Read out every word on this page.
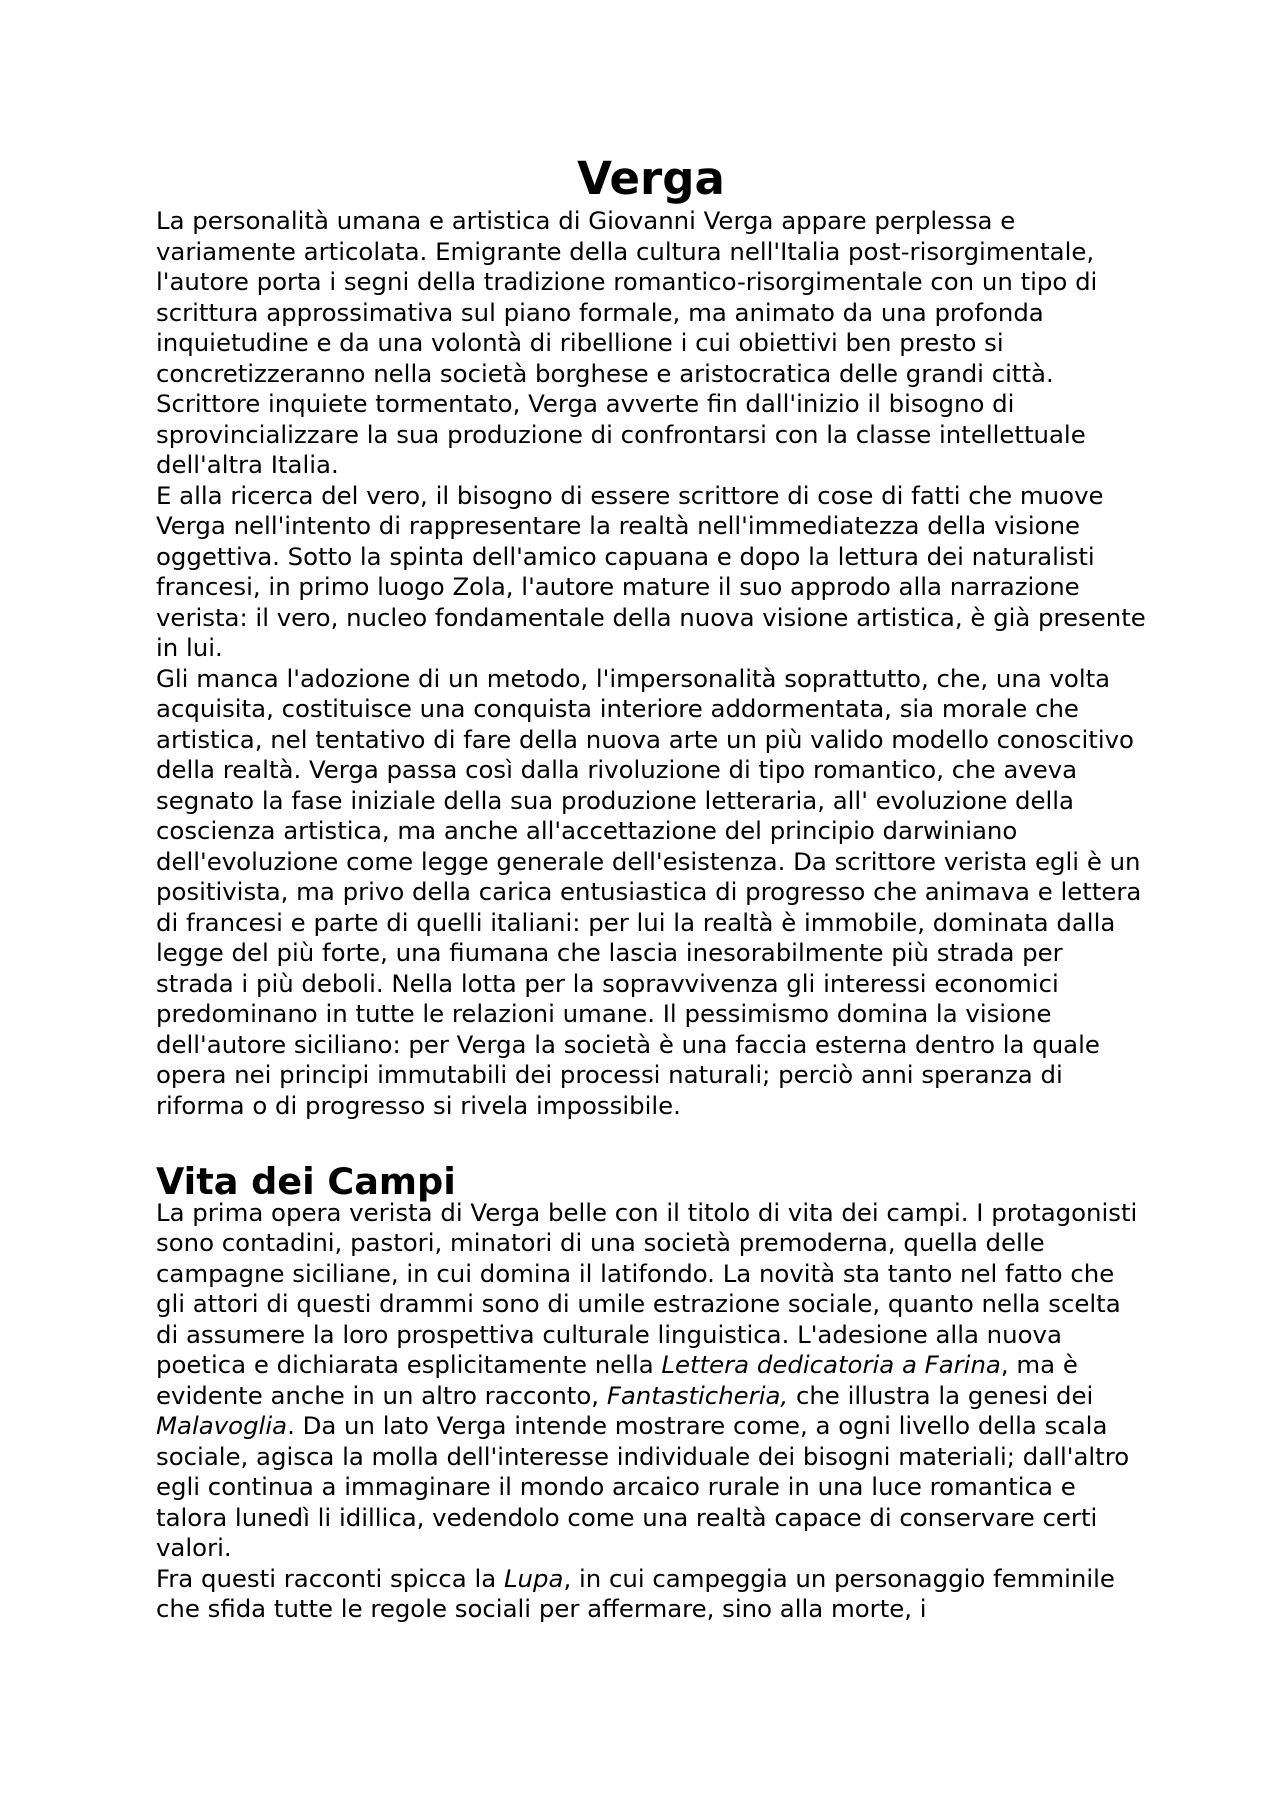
Verga

La personalità umana e artistica di Giovanni Verga appare perplessa e variamente articolata. Emigrante della cultura nell'Italia post-risorgimentale, l'autore porta i segni della tradizione romantico-risorgimentale con un tipo di scrittura approssimativa sul piano formale, ma animato da una profonda inquietudine e da una volontà di ribellione i cui obiettivi ben presto si concretizzeranno nella società borghese e aristocratica delle grandi città. Scrittore inquiete tormentato, Verga avverte fin dall'inizio il bisogno di sprovincializzare la sua produzione di confrontarsi con la classe intellettuale dell'altra Italia.

E alla ricerca del vero, il bisogno di essere scrittore di cose di fatti che muove Verga nell'intento di rappresentare la realtà nell'immediatezza della visione oggettiva. Sotto la spinta dell'amico capuana e dopo la lettura dei naturalisti francesi, in primo luogo Zola, l'autore mature il suo approdo alla narrazione verista: il vero, nucleo fondamentale della nuova visione artistica, è già presente in lui.

Gli manca l'adozione di un metodo, l'impersonalità soprattutto, che, una volta acquisita, costituisce una conquista interiore addormentata, sia morale che artistica, nel tentativo di fare della nuova arte un più valido modello conoscitivo della realtà. Verga passa così dalla rivoluzione di tipo romantico, che aveva segnato la fase iniziale della sua produzione letteraria, all' evoluzione della coscienza artistica, ma anche all'accettazione del principio darwiniano dell'evoluzione come legge generale dell'esistenza. Da scrittore verista egli è un positivista, ma privo della carica entusiastica di progresso che animava e lettera di francesi e parte di quelli italiani: per lui la realtà è immobile, dominata dalla legge del più forte, una fiumana che lascia inesorabilmente più strada per strada i più deboli. Nella lotta per la sopravvivenza gli interessi economici predominano in tutte le relazioni umane. Il pessimismo domina la visione dell'autore siciliano: per Verga la società è una faccia esterna dentro la quale opera nei principi immutabili dei processi naturali; perciò anni speranza di riforma o di progresso si rivela impossibile.

Vita dei Campi

La prima opera verista di Verga belle con il titolo di vita dei campi. I protagonisti sono contadini, pastori, minatori di una società premoderna, quella delle campagne siciliane, in cui domina il latifondo. La novità sta tanto nel fatto che gli attori di questi drammi sono di umile estrazione sociale, quanto nella scelta di assumere la loro prospettiva culturale linguistica. L'adesione alla nuova poetica e dichiarata esplicitamente nella Lettera dedicatoria a Farina, ma è evidente anche in un altro racconto, Fantasticheria, che illustra la genesi dei Malavoglia. Da un lato Verga intende mostrare come, a ogni livello della scala sociale, agisca la molla dell'interesse individuale dei bisogni materiali; dall'altro egli continua a immaginare il mondo arcaico rurale in una luce romantica e talora lunedì li idillica, vedendolo come una realtà capace di conservare certi valori.

Fra questi racconti spicca la Lupa, in cui campeggia un personaggio femminile che sfida tutte le regole sociali per affermare, sino alla morte, i
